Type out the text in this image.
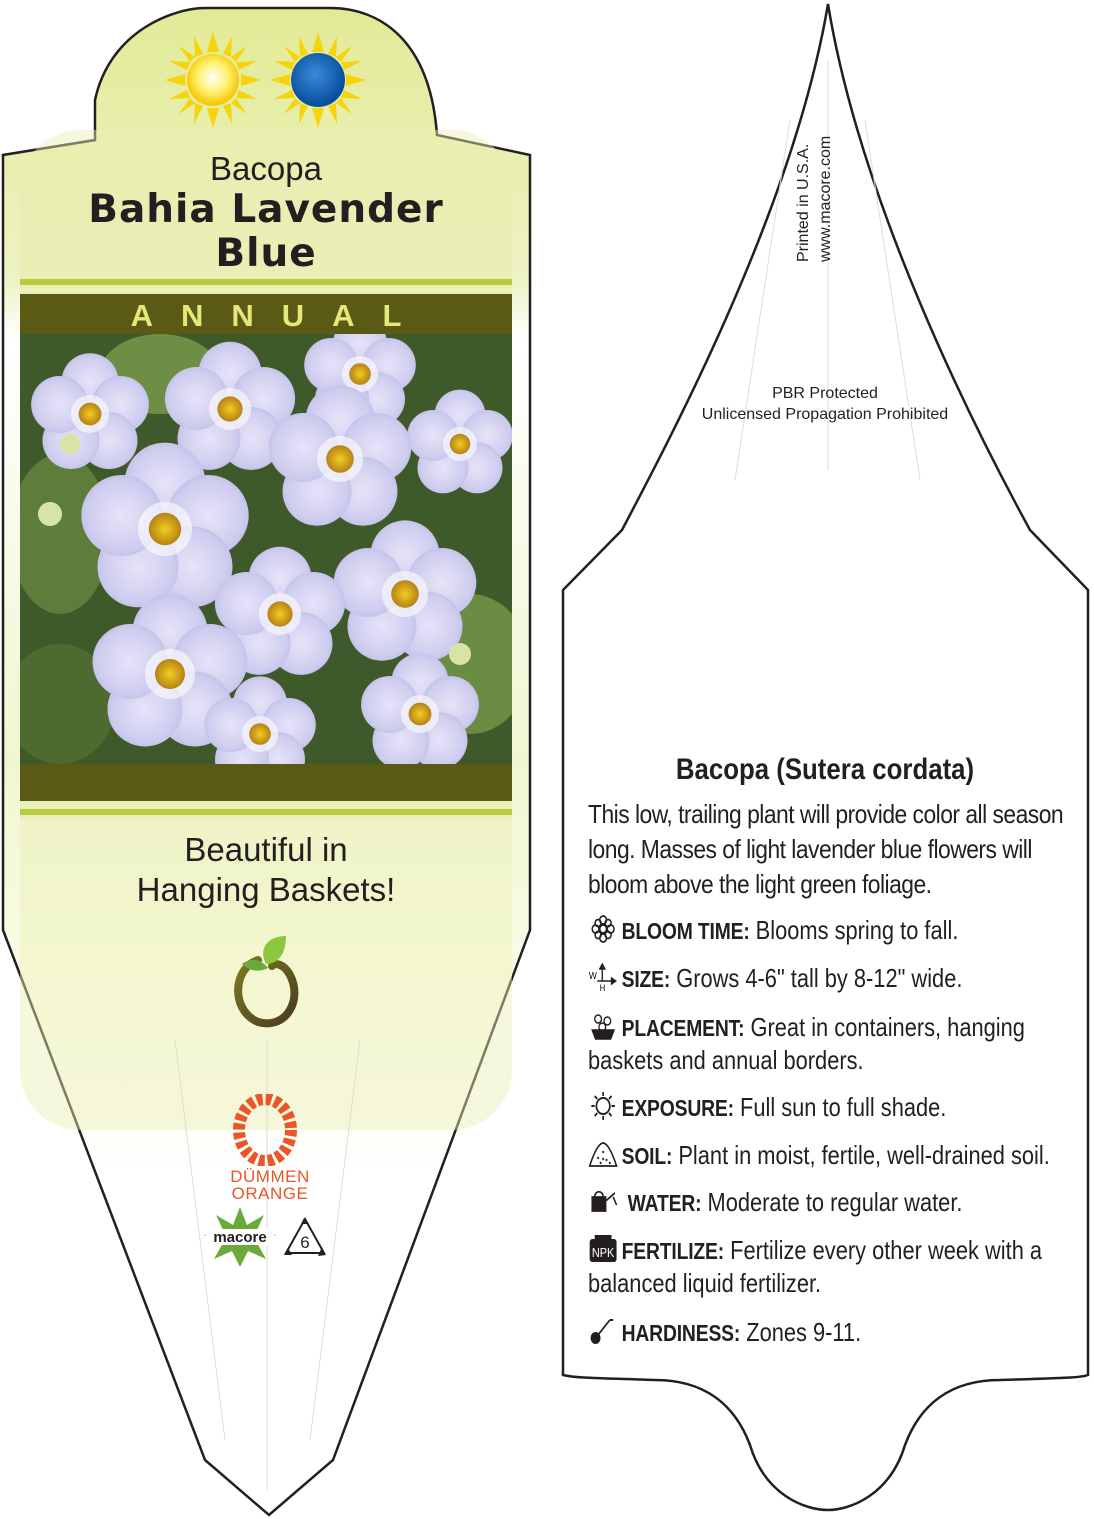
Bacopa
Bahia Lavender
Blue
ANNUAL
Beautiful in
Hanging Baskets!
DÜMMEN
ORANGE
macore 6
Printed in U.S.A. www.macore.com
PBR Protected
Unlicensed Propagation Prohibited
Bacopa (Sutera cordata)
This low, trailing plant will provide color all season long. Masses of light lavender blue flowers will bloom above the light green foliage.
BLOOM TIME: Blooms spring to fall.
W
H SIZE: Grows 4-6" tall by 8-12" wide.
PLACEMENT: Great in containers, hanging
baskets and annual borders.
EXPOSURE: Full sun to full shade.
SOIL: Plant in moist, fertile, well-drained soil.
WATER: Moderate to regular water.
NPK FERTILIZE: Fertilize every other week with a
balanced liquid fertilizer.
HARDINESS: Zones 9-11.
